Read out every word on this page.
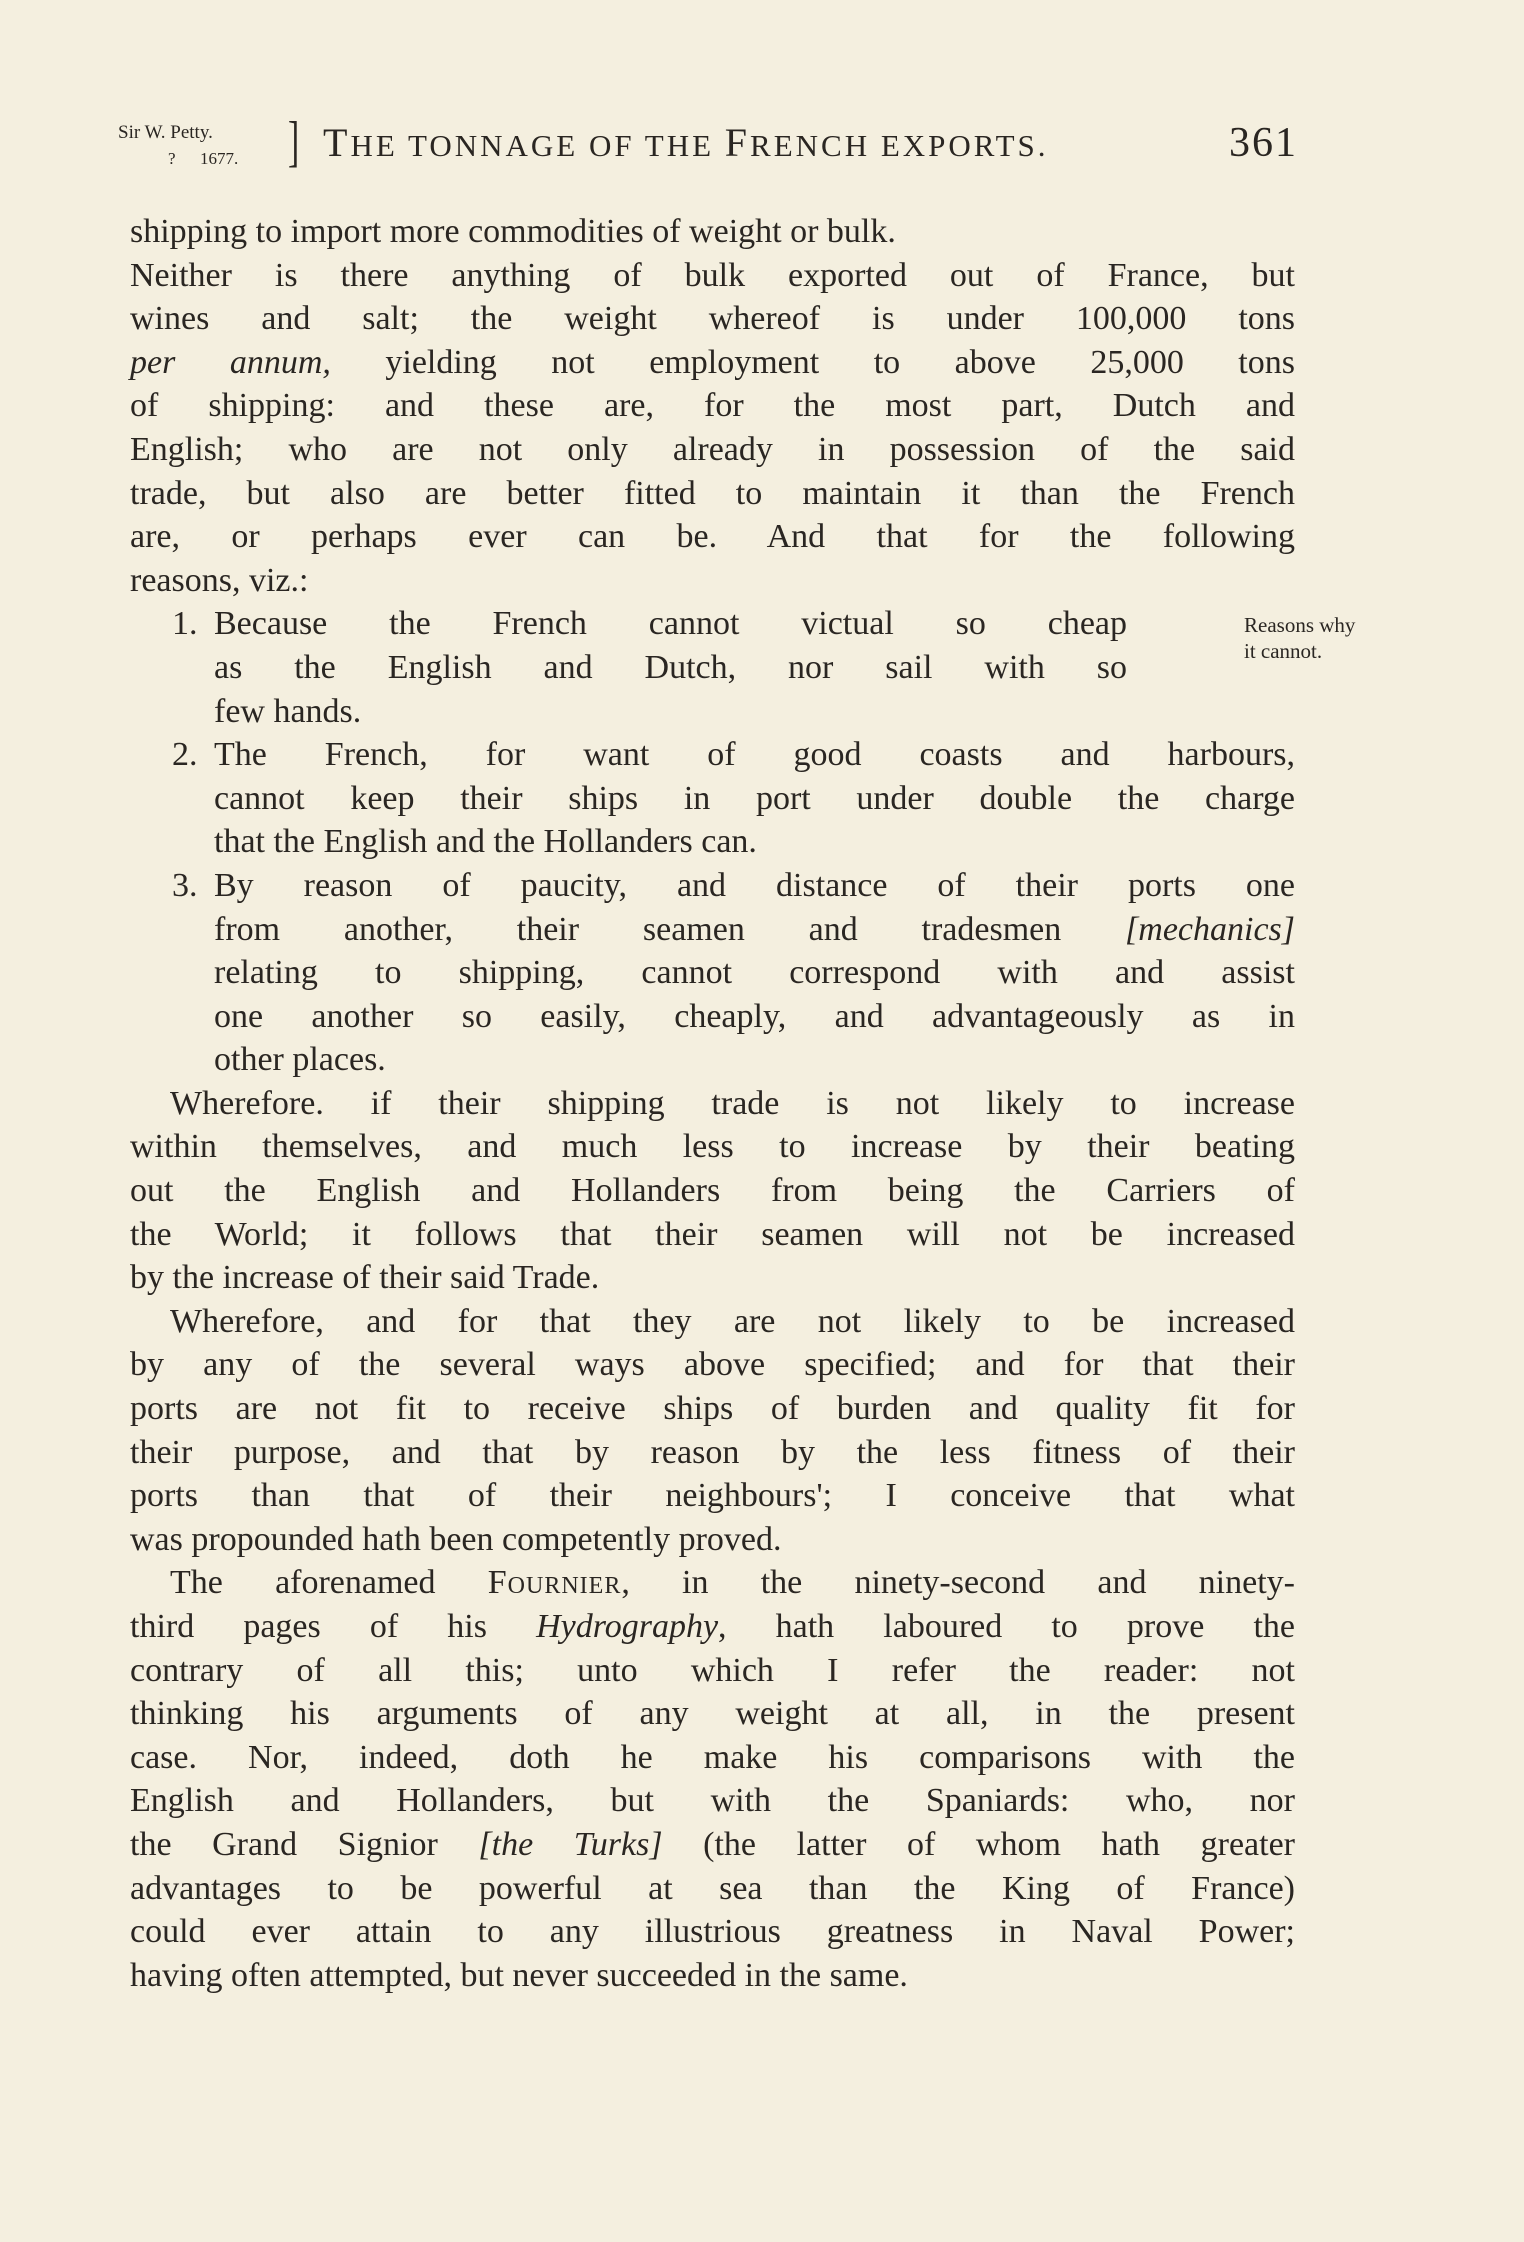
Sir W. Petty.
? 1677. ] THE TONNAGE OF THE FRENCH EXPORTS.	361
shipping to import more commodities of weight or bulk.
Neither is there anything of bulk exported out of France, but
wines and salt; the weight whereof is under 100,000 tons
per annum, yielding not employment to above 25,000 tons
of shipping: and these are, for the most part, Dutch and
English; who are not only already in possession of the said
trade, but also are better fitted to maintain it than the French
are, or perhaps ever can be. And that for the following
reasons, viz.:
Reasons why
it cannot.
1. Because the French cannot victual so cheap
as the English and Dutch, nor sail with so
few hands.
2. The French, for want of good coasts and harbours,
cannot keep their ships in port under double the charge
that the English and the Hollanders can.
3. By reason of paucity, and distance of their ports one
from another, their seamen and tradesmen [mechanics]
relating to shipping, cannot correspond with and assist
one another so easily, cheaply, and advantageously as in
other places.
Wherefore. if their shipping trade is not likely to increase
within themselves, and much less to increase by their beating
out the English and Hollanders from being the Carriers of
the World; it follows that their seamen will not be increased
by the increase of their said Trade.
Wherefore, and for that they are not likely to be increased
by any of the several ways above specified; and for that their
ports are not fit to receive ships of burden and quality fit for
their purpose, and that by reason by the less fitness of their
ports than that of their neighbours'; I conceive that what
was propounded hath been competently proved.
The aforenamed Fournier, in the ninety-second and ninety-
third pages of his Hydrography, hath laboured to prove the
contrary of all this; unto which I refer the reader: not
thinking his arguments of any weight at all, in the present
case. Nor, indeed, doth he make his comparisons with the
English and Hollanders, but with the Spaniards: who, nor
the Grand Signior [the Turks] (the latter of whom hath greater
advantages to be powerful at sea than the King of France)
could ever attain to any illustrious greatness in Naval Power;
having often attempted, but never succeeded in the same.
